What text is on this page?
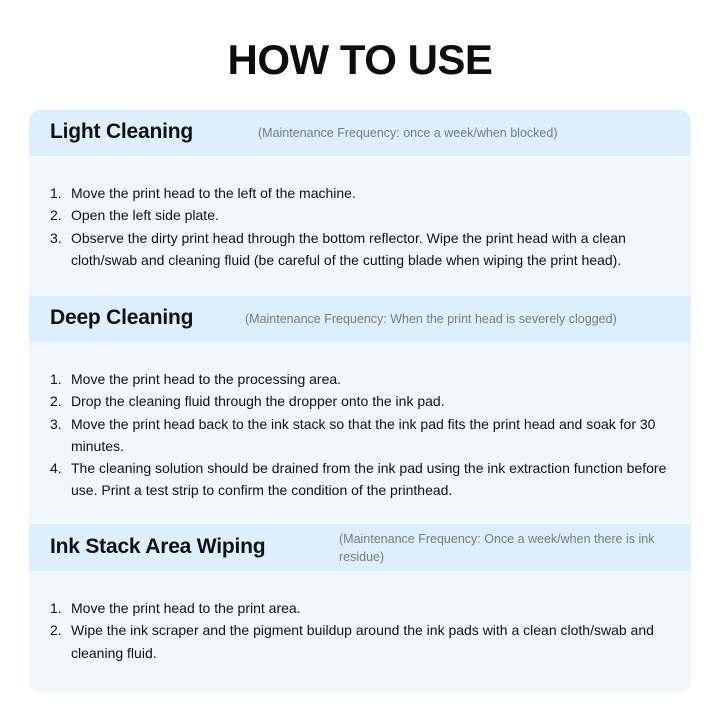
HOW TO USE
Light Cleaning	(Maintenance Frequency: once a week/when blocked)
1. Move the print head to the left of the machine.
2. Open the left side plate.
3. Observe the dirty print head through the bottom reflector. Wipe the print head with a clean cloth/swab and cleaning fluid (be careful of the cutting blade when wiping the print head).
Deep Cleaning	(Maintenance Frequency: When the print head is severely clogged)
1. Move the print head to the processing area.
2. Drop the cleaning fluid through the dropper onto the ink pad.
3. Move the print head back to the ink stack so that the ink pad fits the print head and soak for 30 minutes.
4. The cleaning solution should be drained from the ink pad using the ink extraction function before use. Print a test strip to confirm the condition of the printhead.
Ink Stack Area Wiping	(Maintenance Frequency: Once a week/when there is ink residue)
1. Move the print head to the print area.
2. Wipe the ink scraper and the pigment buildup around the ink pads with a clean cloth/swab and cleaning fluid.
